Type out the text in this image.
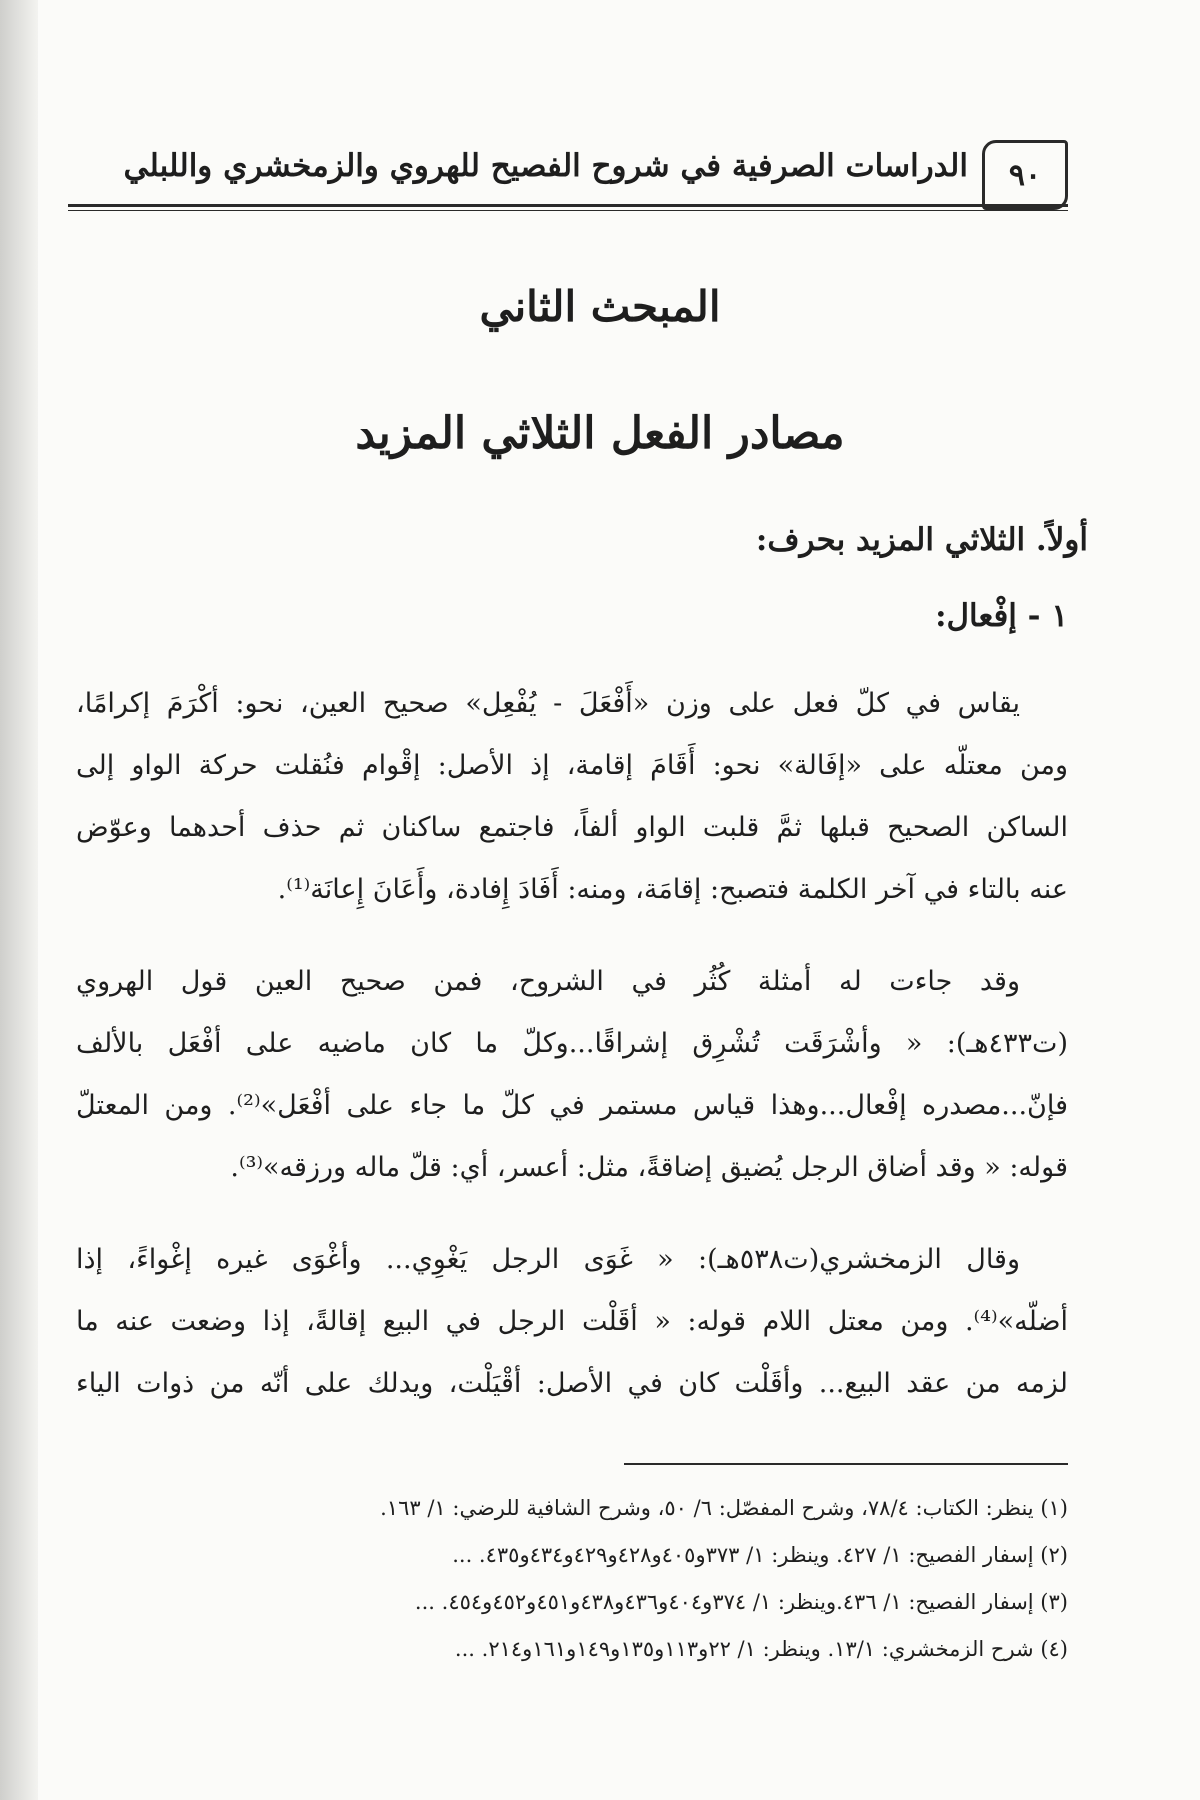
٩٠
الدراسات الصرفية في شروح الفصيح للهروي والزمخشري واللبلي
المبحث الثاني
مصادر الفعل الثلاثي المزيد
أولاً. الثلاثي المزيد بحرف:
١ - إفْعال:
يقاس في كلّ فعل على وزن «أَفْعَلَ - يُفْعِل» صحيح العين، نحو: أكْرَمَ إكرامًا،
ومن معتلّه على «إفَالة» نحو: أَقَامَ إقامة، إذ الأصل: إقْوام فنُقلت حركة الواو إلى
الساكن الصحيح قبلها ثمَّ قلبت الواو ألفاً، فاجتمع ساكنان ثم حذف أحدهما وعوّض
عنه بالتاء في آخر الكلمة فتصبح: إقامَة، ومنه: أَفَادَ إِفادة، وأَعَانَ إِعانَة⁽¹⁾.
وقد جاءت له أمثلة كُثُر في الشروح، فمن صحيح العين قول الهروي
(ت٤٣٣هـ): « وأشْرَقَت تُشْرِق إشراقًا...وكلّ ما كان ماضيه على أفْعَل بالألف
فإنّ...مصدره إفْعال...وهذا قياس مستمر في كلّ ما جاء على أفْعَل»⁽²⁾. ومن المعتلّ
قوله: « وقد أضاق الرجل يُضيق إضاقةً، مثل: أعسر، أي: قلّ ماله ورزقه»⁽³⁾.
وقال الزمخشري(ت٥٣٨هـ): « غَوَى الرجل يَغْوِي... وأغْوَى غيره إغْواءً، إذا
أضلّه»⁽⁴⁾. ومن معتل اللام قوله: « أقَلْت الرجل في البيع إقالةً، إذا وضعت عنه ما
لزمه من عقد البيع... وأقَلْت كان في الأصل: أقْيَلْت، ويدلك على أنّه من ذوات الياء
(١) ينظر: الكتاب: ٧٨/٤، وشرح المفصّل: ٦/ ٥٠، وشرح الشافية للرضي: ١/ ١٦٣.
(٢) إسفار الفصيح: ١/ ٤٢٧. وينظر: ١/ ٣٧٣و٤٠٥و٤٢٨و٤٢٩و٤٣٤و٤٣٥. ...
(٣) إسفار الفصيح: ١/ ٤٣٦.وينظر: ١/ ٣٧٤و٤٠٤و٤٣٦و٤٣٨و٤٥١و٤٥٢و٤٥٤. ...
(٤) شرح الزمخشري: ١٣/١. وينظر: ١/ ٢٢و١١٣و١٣٥و١٤٩و١٦١و٢١٤. ...
